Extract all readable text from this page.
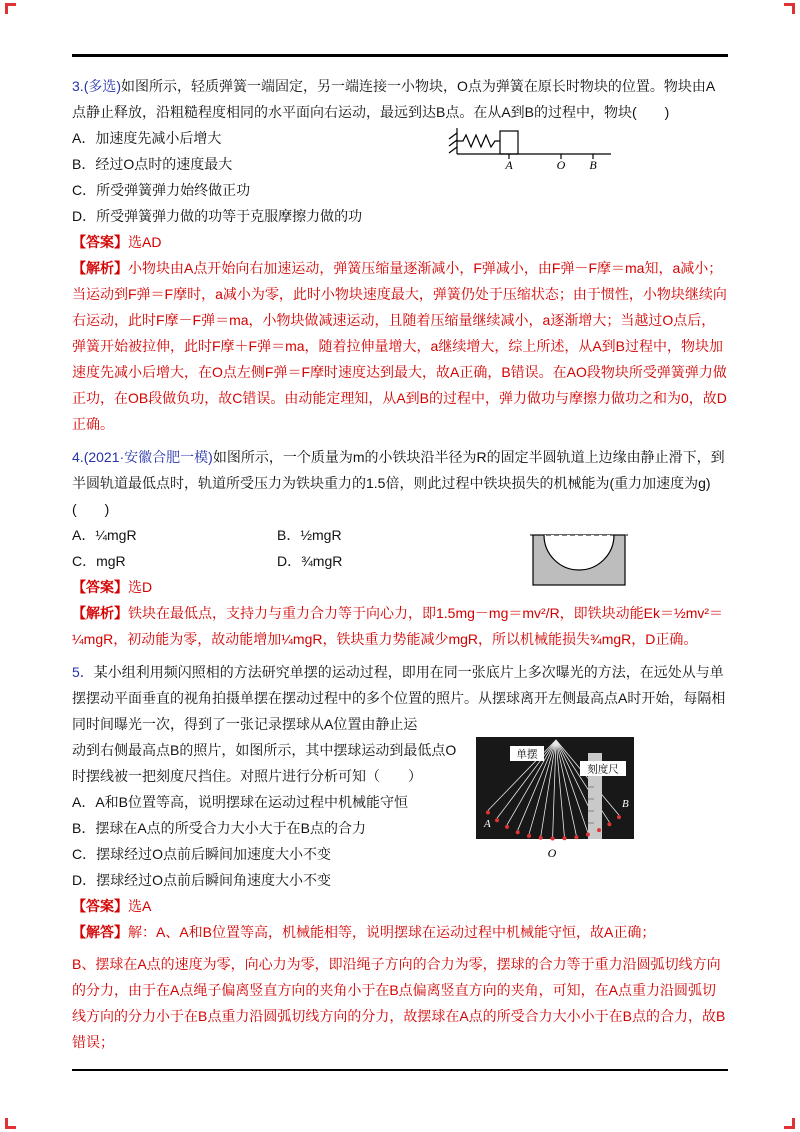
3.(多选)如图所示，轻质弹簧一端固定，另一端连接一小物块，O点为弹簧在原长时物块的位置。物块由A点静止释放，沿粗糙程度相同的水平面向右运动，最远到达B点。在从A到B的过程中，物块(　　)

A	O B

A．加速度先减小后增大

B．经过O点时的速度最大

C．所受弹簧弹力始终做正功

D．所受弹簧弹力做的功等于克服摩擦力做的功

【答案】选AD

【解析】小物块由A点开始向右加速运动，弹簧压缩量逐渐减小，F弹减小，由F弹－F摩＝ma知，a减小；当运动到F弹＝F摩时，a减小为零，此时小物块速度最大，弹簧仍处于压缩状态；由于惯性，小物块继续向右运动，此时F摩－F弹＝ma，小物块做减速运动，且随着压缩量继续减小，a逐渐增大；当越过O点后，弹簧开始被拉伸，此时F摩＋F弹＝ma，随着拉伸量增大，a继续增大，综上所述，从A到B过程中，物块加速度先减小后增大，在O点左侧F弹＝F摩时速度达到最大，故A正确，B错误。在AO段物块所受弹簧弹力做正功，在OB段做负功，故C错误。由动能定理知，从A到B的过程中，弹力做功与摩擦力做功之和为0，故D正确。

4.(2021·安徽合肥一模)如图所示，一个质量为m的小铁块沿半径为R的固定半圆轨道上边缘由静止滑下，到半圆轨道最低点时，轨道所受压力为铁块重力的1.5倍，则此过程中铁块损失的机械能为(重力加速度为g)(　　)

A．¼mgR	B．½mgR

C．mgR	D．¾mgR

【答案】选D

【解析】铁块在最低点，支持力与重力合力等于向心力，即1.5mg－mg＝mv²/R，即铁块动能Ek＝½mv²＝¼mgR，初动能为零，故动能增加¼mgR，铁块重力势能减少mgR，所以机械能损失¾mgR，D正确。

5．某小组利用频闪照相的方法研究单摆的运动过程，即用在同一张底片上多次曝光的方法，在远处从与单摆摆动平面垂直的视角拍摄单摆在摆动过程中的多个位置的照片。从摆球离开左侧最高点A时开始，每隔相同时间曝光一次，得到了一张记录摆球从A位置由静止运

单摆
刻度尺
A
B
O

动到右侧最高点B的照片，如图所示，其中摆球运动到最低点O时摆线被一把刻度尺挡住。对照片进行分析可知（　　）

A．A和B位置等高，说明摆球在运动过程中机械能守恒

B．摆球在A点的所受合力大小大于在B点的合力

C．摆球经过O点前后瞬间加速度大小不变

D．摆球经过O点前后瞬间角速度大小不变

【答案】选A

【解答】解：A、A和B位置等高，机械能相等，说明摆球在运动过程中机械能守恒，故A正确；

B、摆球在A点的速度为零，向心力为零，即沿绳子方向的合力为零，摆球的合力等于重力沿圆弧切线方向的分力，由于在A点绳子偏离竖直方向的夹角小于在B点偏离竖直方向的夹角，可知，在A点重力沿圆弧切线方向的分力小于在B点重力沿圆弧切线方向的分力，故摆球在A点的所受合力大小小于在B点的合力，故B错误；
